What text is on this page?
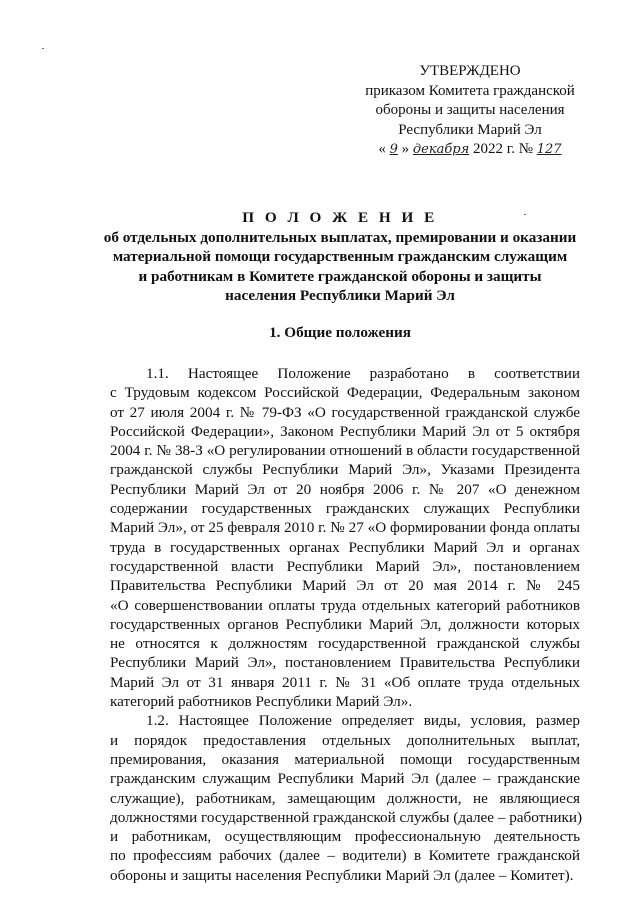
УТВЕРЖДЕНО
приказом Комитета гражданской
обороны и защиты населения
Республики Марий Эл
« 9 » декабря 2022 г. № 127
П О Л О Ж Е Н И Е
об отдельных дополнительных выплатах, премировании и оказании
материальной помощи государственным гражданским служащим
и работникам в Комитете гражданской обороны и защиты
населения Республики Марий Эл
1. Общие положения
1.1. Настоящее Положение разработано в соответствии
с Трудовым кодексом Российской Федерации, Федеральным законом
от 27 июля 2004 г. № 79-ФЗ «О государственной гражданской службе
Российской Федерации», Законом Республики Марий Эл от 5 октября
2004 г. № 38-З «О регулировании отношений в области государственной
гражданской службы Республики Марий Эл», Указами Президента
Республики Марий Эл от 20 ноября 2006 г. № 207 «О денежном
содержании государственных гражданских служащих Республики
Марий Эл», от 25 февраля 2010 г. № 27 «О формировании фонда оплаты
труда в государственных органах Республики Марий Эл и органах
государственной власти Республики Марий Эл», постановлением
Правительства Республики Марий Эл от 20 мая 2014 г. № 245
«О совершенствовании оплаты труда отдельных категорий работников
государственных органов Республики Марий Эл, должности которых
не относятся к должностям государственной гражданской службы
Республики Марий Эл», постановлением Правительства Республики
Марий Эл от 31 января 2011 г. № 31 «Об оплате труда отдельных
категорий работников Республики Марий Эл».
1.2. Настоящее Положение определяет виды, условия, размер
и порядок предоставления отдельных дополнительных выплат,
премирования, оказания материальной помощи государственным
гражданским служащим Республики Марий Эл (далее – гражданские
служащие), работникам, замещающим должности, не являющиеся
должностями государственной гражданской службы (далее – работники)
и работникам, осуществляющим профессиональную деятельность
по профессиям рабочих (далее – водители) в Комитете гражданской
обороны и защиты населения Республики Марий Эл (далее – Комитет).
